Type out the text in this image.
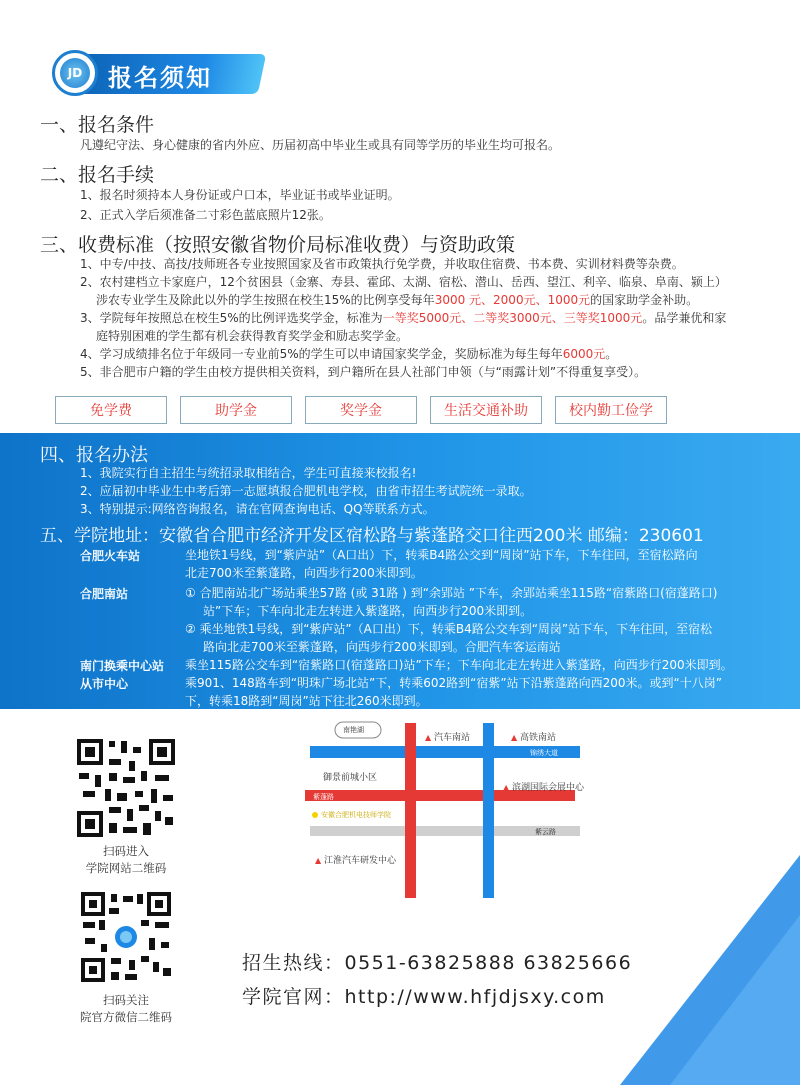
JD	报名须知
一、报名条件
凡遵纪守法、身心健康的省内外应、历届初高中毕业生或具有同等学历的毕业生均可报名。
二、报名手续
1、报名时须持本人身份证或户口本，毕业证书或毕业证明。
2、正式入学后须准备二寸彩色蓝底照片12张。
三、收费标准（按照安徽省物价局标准收费）与资助政策
1、中专/中技、高技/技师班各专业按照国家及省市政策执行免学费，并收取住宿费、书本费、实训材料费等杂费。
2、农村建档立卡家庭户，12个贫困县（金寨、寿县、霍邱、太湖、宿松、潜山、岳西、望江、利辛、临泉、阜南、颍上）
涉农专业学生及除此以外的学生按照在校生15%的比例享受每年3000 元、2000元、1000元的国家助学金补助。
3、学院每年按照总在校生5%的比例评选奖学金，标准为一等奖5000元、二等奖3000元、三等奖1000元。品学兼优和家
庭特别困难的学生都有机会获得教育奖学金和励志奖学金。
4、学习成绩排名位于年级同一专业前5%的学生可以申请国家奖学金，奖励标准为每生每年6000元。
5、非合肥市户籍的学生由校方提供相关资料，到户籍所在县人社部门申领（与“雨露计划”不得重复享受）。
免学费	助学金	奖学金	生活交通补助	校内勤工俭学
四、报名办法
1、我院实行自主招生与统招录取相结合，学生可直接来校报名!
2、应届初中毕业生中考后第一志愿填报合肥机电学校，由省市招生考试院统一录取。
3、特别提示:网络咨询报名，请在官网查询电话、QQ等联系方式。
五、学院地址：安徽省合肥市经济开发区宿松路与紫蓬路交口往西200米 邮编：230601
合肥火车站	坐地铁1号线，到“紫庐站”（A口出）下，转乘B4路公交到“周岗”站下车，下车往回，至宿松路向
北走700米至紫蓬路，向西步行200米即到。
合肥南站	① 合肥南站北广场站乘坐57路 (或 31路 ) 到“余郢站 ”下车，余郢站乘坐115路“宿紫路口(宿蓬路口)
站”下车；下车向北走左转进入紫蓬路，向西步行200米即到。
② 乘坐地铁1号线，到“紫庐站”（A口出）下，转乘B4路公交车到“周岗”站下车，下车往回，至宿松
路向北走700米至紫蓬路，向西步行200米即到。合肥汽车客运南站
南门换乘中心站 乘坐115路公交车到“宿紫路口(宿蓬路口)站”下车；下车向北走左转进入紫蓬路，向西步行200米即到。
从市中心	乘901、148路车到“明珠广场北站”下，转乘602路到“宿紫”站下沿紫蓬路向西200米。或到“十八岗”
下，转乘18路到“周岗”站下往北260米即到。
扫码进入
学院网站二维码
扫码关注
院官方微信二维码
南艳湖
▲ 汽车南站	▲ 高铁南站
锦绣大道
御景前城小区
▲ 滨湖国际会展中心
紫蓬路
安徽合肥机电技师学院
紫云路
▲ 江淮汽车研发中心
招生热线：0551-63825888 63825666
学院官网：http://www.hfjdjsxy.com
